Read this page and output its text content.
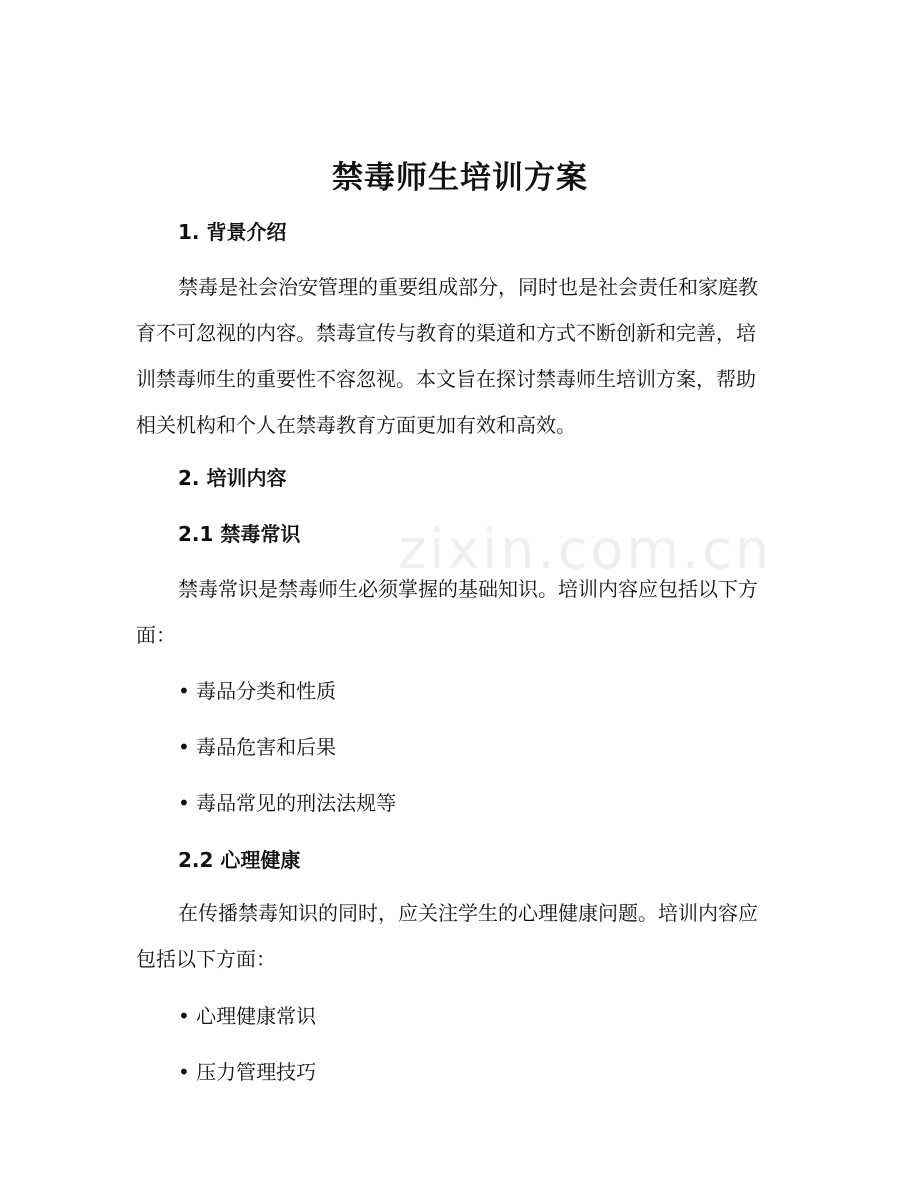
zixin.com.cn
禁毒师生培训方案
1. 背景介绍

禁毒是社会治安管理的重要组成部分，同时也是社会责任和家庭教育不可忽视的内容。禁毒宣传与教育的渠道和方式不断创新和完善，培训禁毒师生的重要性不容忽视。本文旨在探讨禁毒师生培训方案，帮助相关机构和个人在禁毒教育方面更加有效和高效。

2. 培训内容
2.1 禁毒常识

禁毒常识是禁毒师生必须掌握的基础知识。培训内容应包括以下方面：

• 毒品分类和性质
• 毒品危害和后果
• 毒品常见的刑法法规等
2.2 心理健康

在传播禁毒知识的同时，应关注学生的心理健康问题。培训内容应包括以下方面：

• 心理健康常识
• 压力管理技巧
